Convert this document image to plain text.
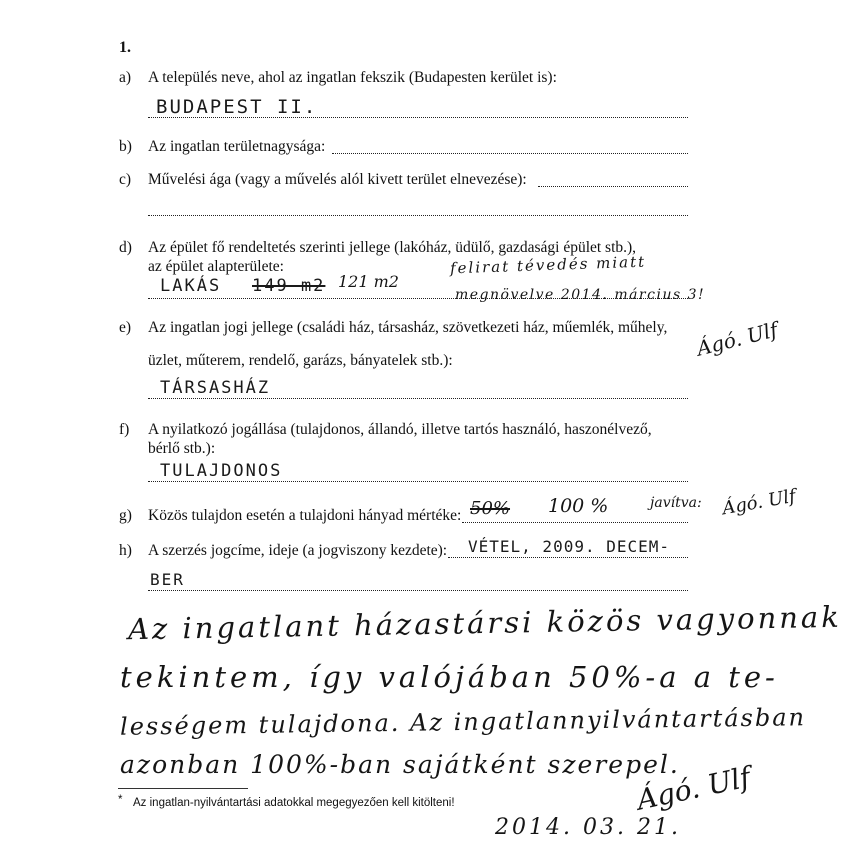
1.
a) A település neve, ahol az ingatlan fekszik (Budapesten kerület is):
BUDAPEST II.
b) Az ingatlan területnagysága:
c) Művelési ága (vagy a művelés alól kivett terület elnevezése):
d) Az épület fő rendeltetés szerinti jellege (lakóház, üdülő, gazdasági épület stb.),
az épület alapterülete:
LAKÁS 149 m2 121 m2
felirat tévedés miatt
megnövelve 2014. március 3!
Ágó. Ulf
e) Az ingatlan jogi jellege (családi ház, társasház, szövetkezeti ház, műemlék, műhely,
üzlet, műterem, rendelő, garázs, bányatelek stb.):
TÁRSASHÁZ
f) A nyilatkozó jogállása (tulajdonos, állandó, illetve tartós használó, haszonélvező,
bérlő stb.):
TULAJDONOS
g) Közös tulajdon esetén a tulajdoni hányad mértéke: 50% 100 %	javítva: Ágó. Ulf
h) A szerzés jogcíme, ideje (a jogviszony kezdete): VÉTEL, 2009. DECEM-
BER
Az ingatlant házastársi közös vagyonnak
tekintem, így valójában 50%-a a te-
lességem tulajdona. Az ingatlannyilvántartásban
azonban 100%-ban sajátként szerepel.
* Az ingatlan-nyilvántartási adatokkal megegyezően kell kitölteni!	Ágó. Ulf
2014. 03. 21.
